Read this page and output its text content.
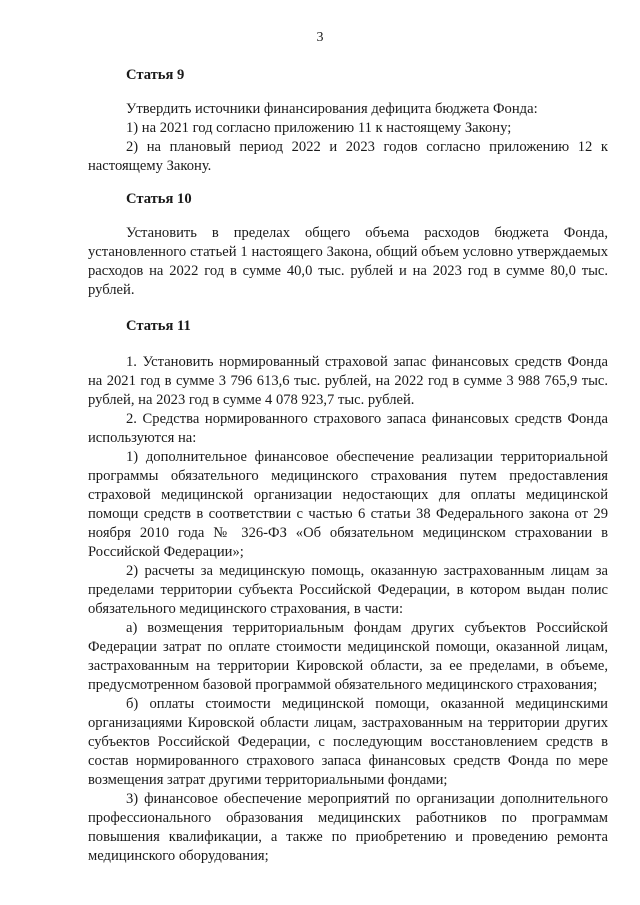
3
Статья 9

Утвердить источники финансирования дефицита бюджета Фонда:

1) на 2021 год согласно приложению 11 к настоящему Закону;

2) на плановый период 2022 и 2023 годов согласно приложению 12 к настоящему Закону.

Статья 10

Установить в пределах общего объема расходов бюджета Фонда, установленного статьей 1 настоящего Закона, общий объем условно утверждаемых расходов на 2022 год в сумме 40,0 тыс. рублей и на 2023 год в сумме 80,0 тыс. рублей.

Статья 11

1. Установить нормированный страховой запас финансовых средств Фонда на 2021 год в сумме 3 796 613,6 тыс. рублей, на 2022 год в сумме 3 988 765,9 тыс. рублей, на 2023 год в сумме 4 078 923,7 тыс. рублей.

2. Средства нормированного страхового запаса финансовых средств Фонда используются на:

1) дополнительное финансовое обеспечение реализации территориальной программы обязательного медицинского страхования путем предоставления страховой медицинской организации недостающих для оплаты медицинской помощи средств в соответствии с частью 6 статьи 38 Федерального закона от 29 ноября 2010 года № 326-ФЗ «Об обязательном медицинском страховании в Российской Федерации»;

2) расчеты за медицинскую помощь, оказанную застрахованным лицам за пределами территории субъекта Российской Федерации, в котором выдан полис обязательного медицинского страхования, в части:

а) возмещения территориальным фондам других субъектов Российской Федерации затрат по оплате стоимости медицинской помощи, оказанной лицам, застрахованным на территории Кировской области, за ее пределами, в объеме, предусмотренном базовой программой обязательного медицинского страхования;

б) оплаты стоимости медицинской помощи, оказанной медицинскими организациями Кировской области лицам, застрахованным на территории других субъектов Российской Федерации, с последующим восстановлением средств в состав нормированного страхового запаса финансовых средств Фонда по мере возмещения затрат другими территориальными фондами;

3) финансовое обеспечение мероприятий по организации дополнительного профессионального образования медицинских работников по программам повышения квалификации, а также по приобретению и проведению ремонта медицинского оборудования;
